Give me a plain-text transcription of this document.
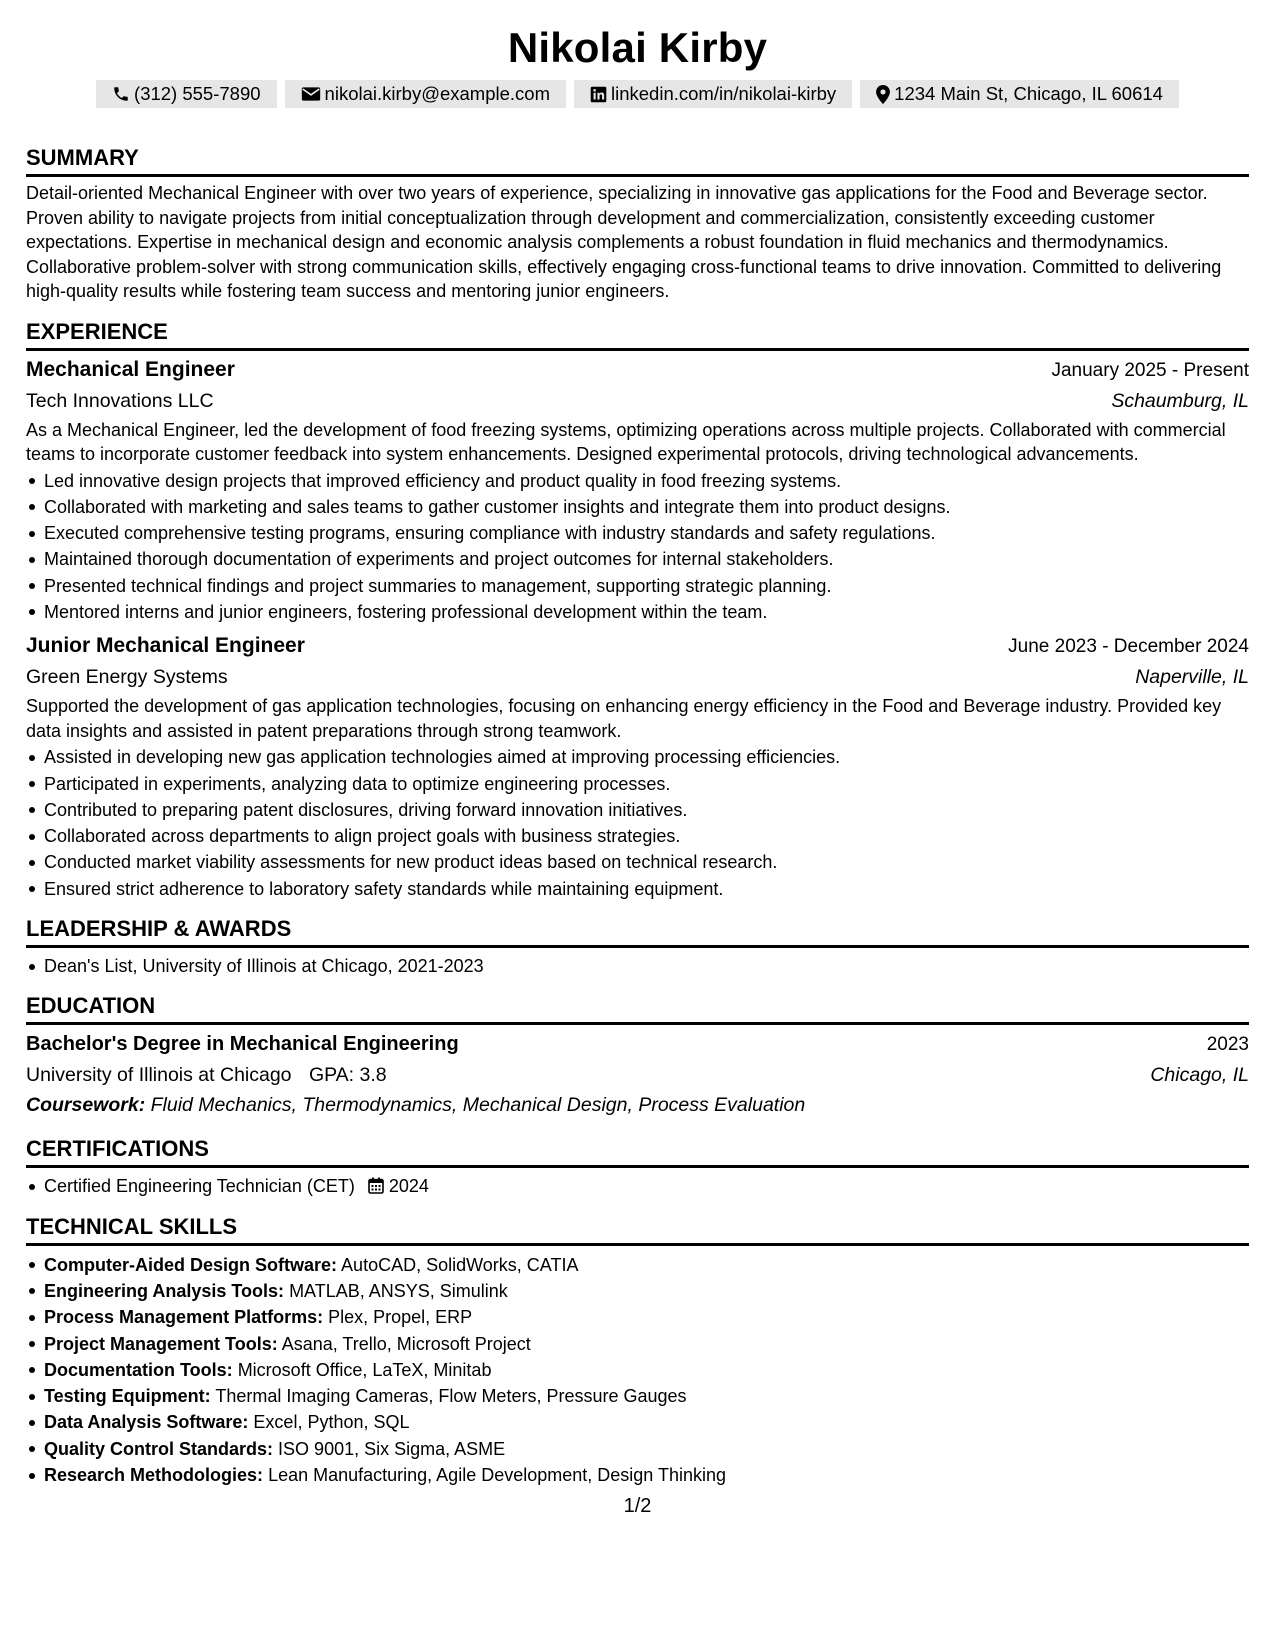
Nikolai Kirby
(312) 555-7890	nikolai.kirby@example.com	linkedin.com/in/nikolai-kirby	1234 Main St, Chicago, IL 60614
SUMMARY
Detail-oriented Mechanical Engineer with over two years of experience, specializing in innovative gas applications for the Food and Beverage sector. Proven ability to navigate projects from initial conceptualization through development and commercialization, consistently exceeding customer expectations. Expertise in mechanical design and economic analysis complements a robust foundation in fluid mechanics and thermodynamics. Collaborative problem-solver with strong communication skills, effectively engaging cross-functional teams to drive innovation. Committed to delivering high-quality results while fostering team success and mentoring junior engineers.
EXPERIENCE
Mechanical Engineer	January 2025 - Present
Tech Innovations LLC	Schaumburg, IL
As a Mechanical Engineer, led the development of food freezing systems, optimizing operations across multiple projects. Collaborated with commercial teams to incorporate customer feedback into system enhancements. Designed experimental protocols, driving technological advancements.
Led innovative design projects that improved efficiency and product quality in food freezing systems.
Collaborated with marketing and sales teams to gather customer insights and integrate them into product designs.
Executed comprehensive testing programs, ensuring compliance with industry standards and safety regulations.
Maintained thorough documentation of experiments and project outcomes for internal stakeholders.
Presented technical findings and project summaries to management, supporting strategic planning.
Mentored interns and junior engineers, fostering professional development within the team.
Junior Mechanical Engineer	June 2023 - December 2024
Green Energy Systems	Naperville, IL
Supported the development of gas application technologies, focusing on enhancing energy efficiency in the Food and Beverage industry. Provided key data insights and assisted in patent preparations through strong teamwork.
Assisted in developing new gas application technologies aimed at improving processing efficiencies.
Participated in experiments, analyzing data to optimize engineering processes.
Contributed to preparing patent disclosures, driving forward innovation initiatives.
Collaborated across departments to align project goals with business strategies.
Conducted market viability assessments for new product ideas based on technical research.
Ensured strict adherence to laboratory safety standards while maintaining equipment.
LEADERSHIP & AWARDS
Dean's List, University of Illinois at Chicago, 2021-2023
EDUCATION
Bachelor's Degree in Mechanical Engineering	2023
University of Illinois at Chicago GPA: 3.8	Chicago, IL
Coursework: Fluid Mechanics, Thermodynamics, Mechanical Design, Process Evaluation
CERTIFICATIONS
Certified Engineering Technician (CET) 2024
TECHNICAL SKILLS
Computer-Aided Design Software: AutoCAD, SolidWorks, CATIA
Engineering Analysis Tools: MATLAB, ANSYS, Simulink
Process Management Platforms: Plex, Propel, ERP
Project Management Tools: Asana, Trello, Microsoft Project
Documentation Tools: Microsoft Office, LaTeX, Minitab
Testing Equipment: Thermal Imaging Cameras, Flow Meters, Pressure Gauges
Data Analysis Software: Excel, Python, SQL
Quality Control Standards: ISO 9001, Six Sigma, ASME
Research Methodologies: Lean Manufacturing, Agile Development, Design Thinking
1/2
